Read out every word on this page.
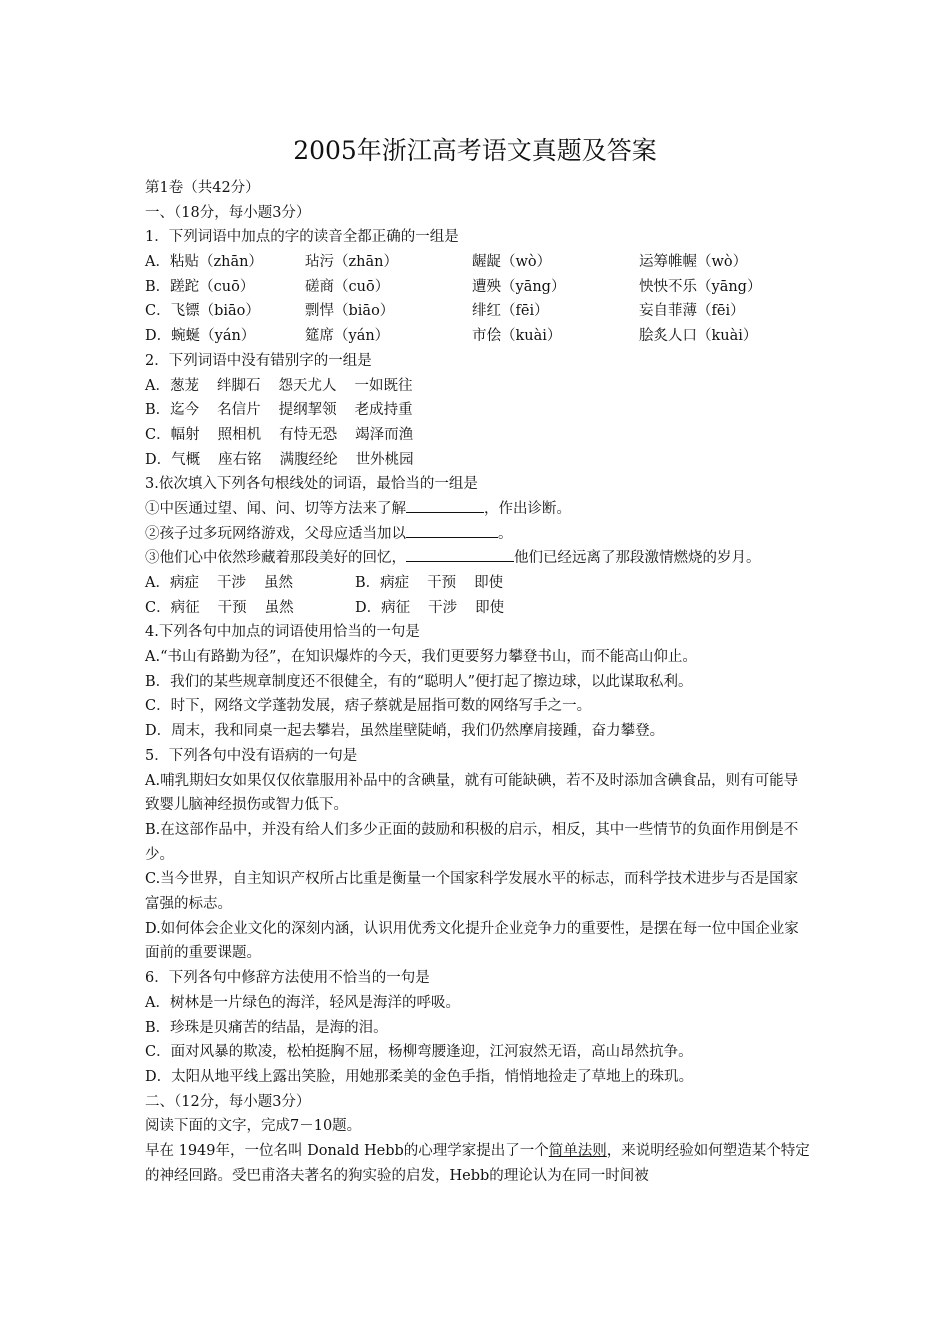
2005年浙江高考语文真题及答案
第1卷（共42分）
一、（18分，每小题3分）
1．下列词语中加点的字的读音全都正确的一组是
A．粘贴（zhān）	玷污（zhān）	龌龊（wò）	运筹帷幄（wò）
B．蹉跎（cuō）	磋商（cuō）	遭殃（yāng）	怏怏不乐（yāng）
C．飞镖（biāo）	剽悍（biāo）	绯红（fēi）	妄自菲薄（fēi）
D．蜿蜒（yán）	筵席（yán）	市侩（kuài）	脍炙人口（kuài）
2．下列词语中没有错别字的一组是
A．葱茏 绊脚石 怨天尤人 一如既往
B．迄今 名信片 提纲挈领 老成持重
C．幅射 照相机 有恃无恐 竭泽而渔
D．气概 座右铭 满腹经纶 世外桃园
3.依次填入下列各句根线处的词语，最恰当的一组是
①中医通过望、闻、问、切等方法来了解	，作出诊断。
②孩子过多玩网络游戏，父母应适当加以	。
③他们心中依然珍藏着那段美好的回忆，	他们已经远离了那段激情燃烧的岁月。
A．病症 干涉 虽然	B．病症 干预 即使
C．病征 干预 虽然	D．病征 干涉 即使
4.下列各句中加点的词语使用恰当的一句是
A.“书山有路勤为径”，在知识爆炸的今天，我们更要努力攀登书山，而不能高山仰止。
B．我们的某些规章制度还不很健全，有的“聪明人”便打起了擦边球，以此谋取私利。
C．时下，网络文学蓬勃发展，痞子蔡就是屈指可数的网络写手之一。
D．周末，我和同桌一起去攀岩，虽然崖壁陡峭，我们仍然摩肩接踵，奋力攀登。
5．下列各句中没有语病的一句是
A.哺乳期妇女如果仅仅依靠服用补品中的含碘量，就有可能缺碘，若不及时添加含碘食品，则有可能导致婴儿脑神经损伤或智力低下。
B.在这部作品中，并没有给人们多少正面的鼓励和积极的启示，相反，其中一些情节的负面作用倒是不少。
C.当今世界，自主知识产权所占比重是衡量一个国家科学发展水平的标志，而科学技术进步与否是国家富强的标志。
D.如何体会企业文化的深刻内涵，认识用优秀文化提升企业竞争力的重要性，是摆在每一位中国企业家面前的重要课题。
6．下列各句中修辞方法使用不恰当的一句是
A．树林是一片绿色的海洋，轻风是海洋的呼吸。
B．珍珠是贝痛苦的结晶，是海的泪。
C．面对风暴的欺凌，松柏挺胸不屈，杨柳弯腰逢迎，江河寂然无语，高山昂然抗争。
D．太阳从地平线上露出笑脸，用她那柔美的金色手指，悄悄地捡走了草地上的珠玑。
二、（12分，每小题3分）
阅读下面的文字，完成7－10题。
早在 1949年，一位名叫 Donald Hebb的心理学家提出了一个简单法则，来说明经验如何塑造某个特定的神经回路。受巴甫洛夫著名的狗实验的启发，Hebb的理论认为在同一时间被
